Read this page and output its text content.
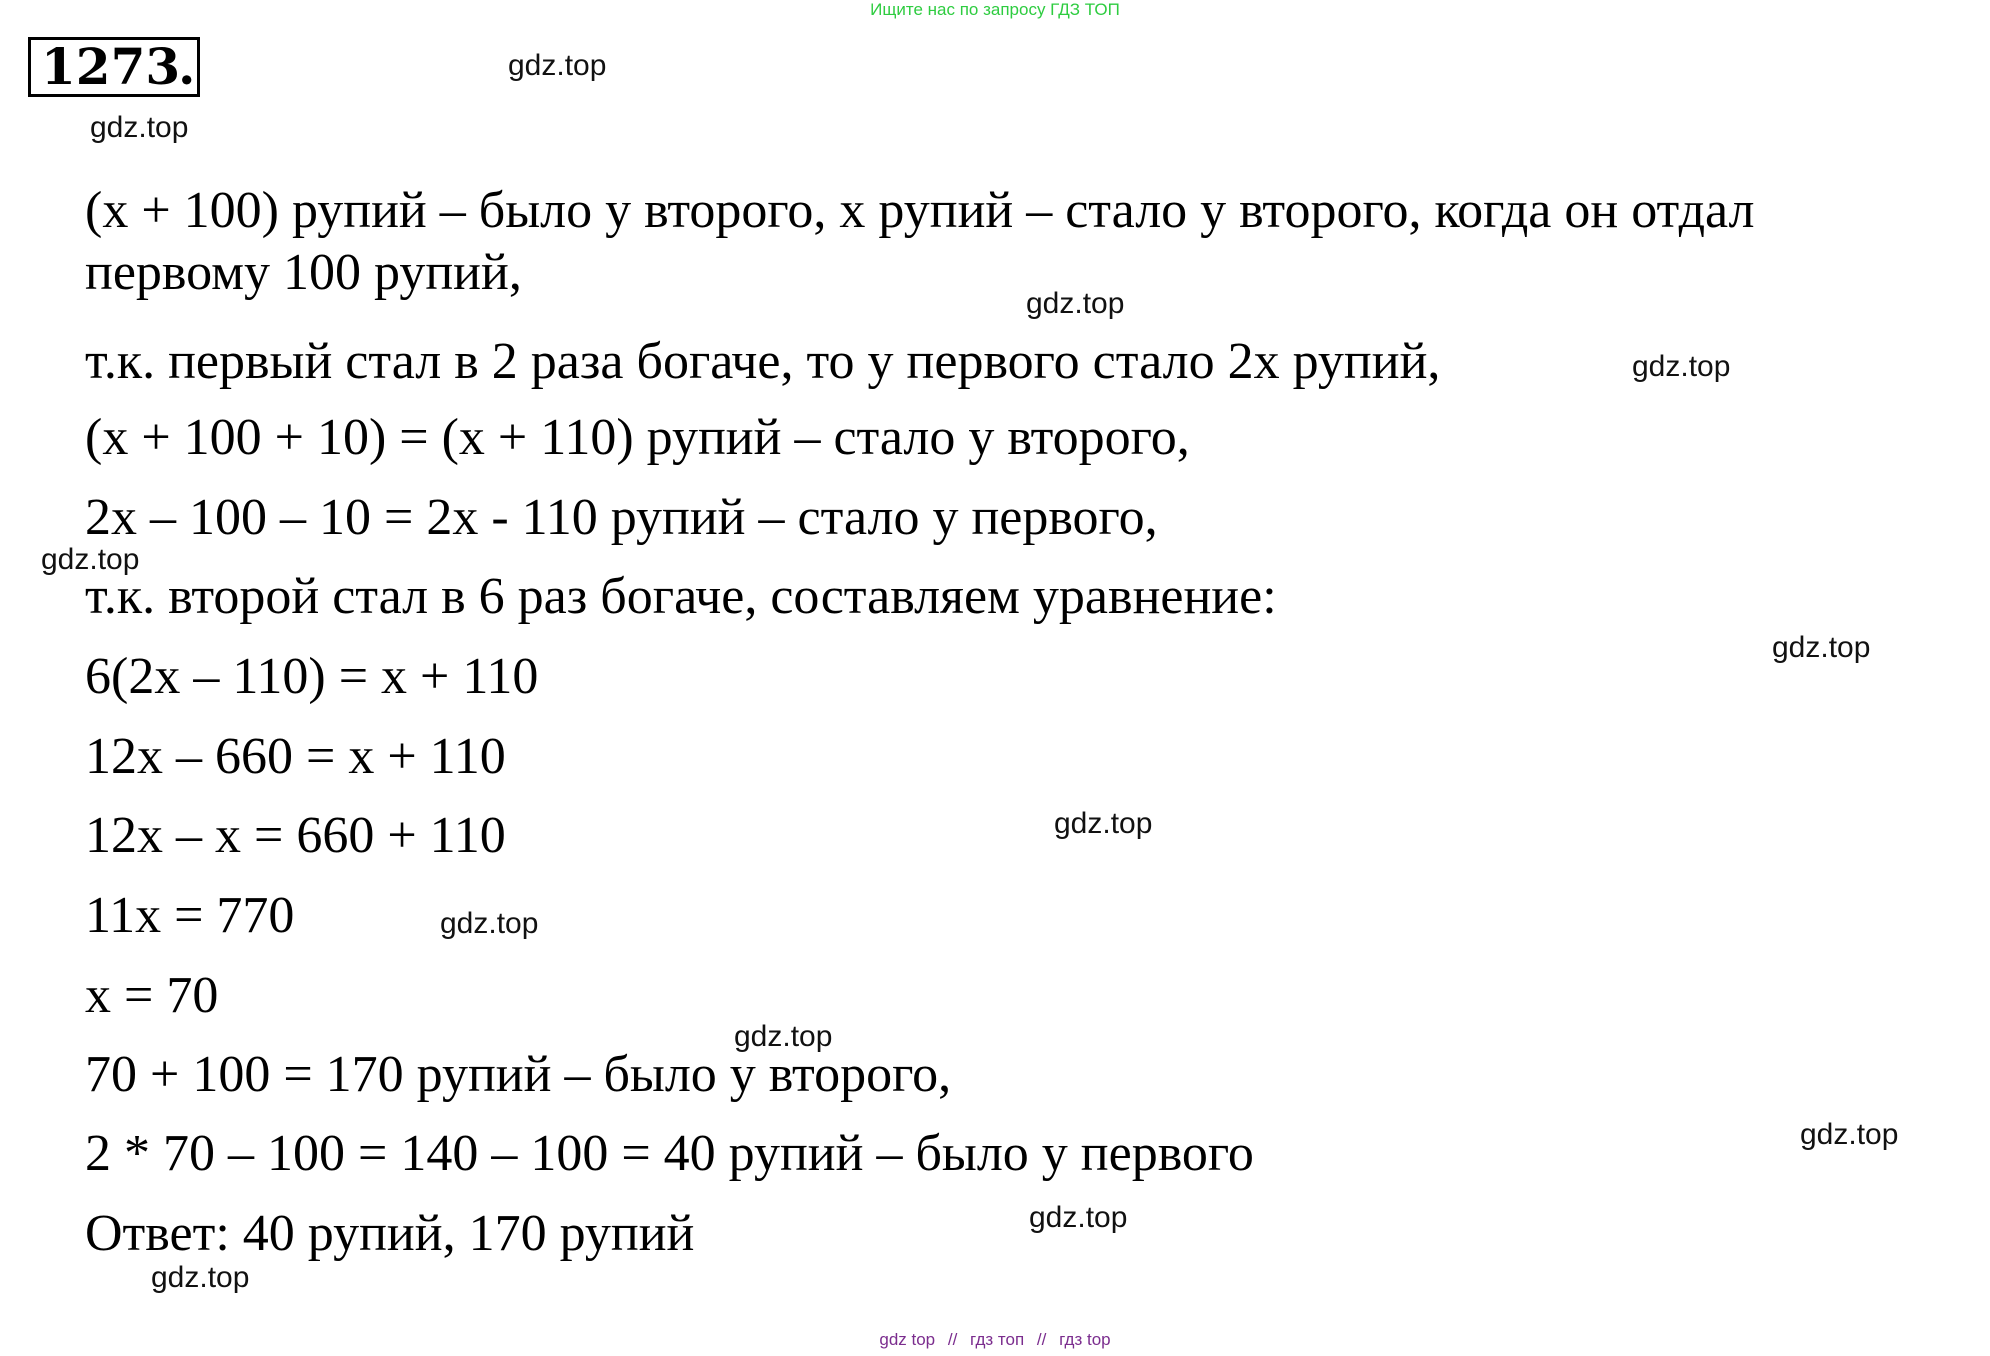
Ищите нас по запросу ГДЗ ТОП
1273
.	gdz.top
gdz.top
gdz.top
gdz.top
gdz.top
gdz.top
gdz.top
gdz.top
gdz.top
gdz.top
gdz.top
gdz.top
(x + 100) рупий – было у второго, x рупий – стало у второго, когда он отдал
первому 100 рупий,
т.к. первый стал в 2 раза богаче, то у первого стало 2x рупий,
(x + 100 + 10) = (x + 110) рупий – стало у второго,
2x – 100 – 10 = 2x - 110 рупий – стало у первого,
т.к. второй стал в 6 раз богаче, составляем уравнение:
6(2x – 110) = x + 110
12x – 660 = x + 110
12x – x = 660 + 110
11x = 770
x = 70
70 + 100 = 170 рупий – было у второго,
2 * 70 – 100 = 140 – 100 = 40 рупий – было у первого
Ответ: 40 рупий, 170 рупий
gdz top // гдз топ // гдз top
